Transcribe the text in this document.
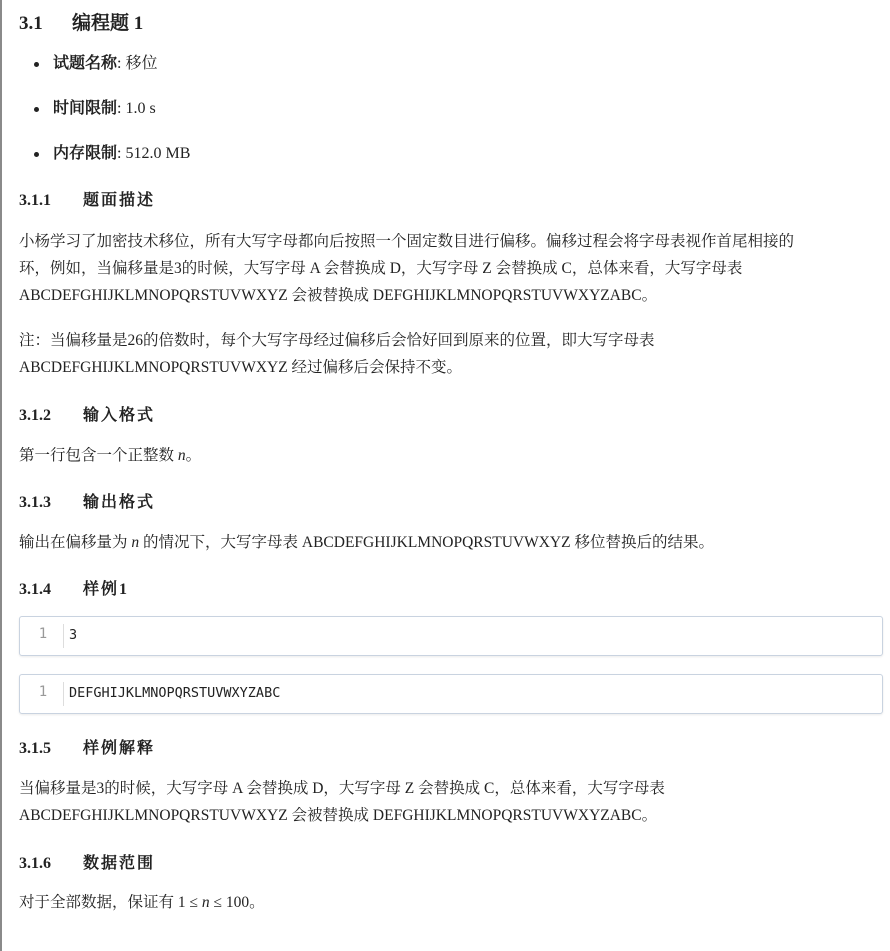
3.1 编程题 1
试题名称: 移位
时间限制: 1.0 s
内存限制: 512.0 MB
3.1.1 题面描述

小杨学习了加密技术移位，所有大写字母都向后按照一个固定数目进行偏移。偏移过程会将字母表视作首尾相接的
环，例如，当偏移量是3的时候，大写字母 A 会替换成 D，大写字母 Z 会替换成 C，总体来看，大写字母表
ABCDEFGHIJKLMNOPQRSTUVWXYZ 会被替换成 DEFGHIJKLMNOPQRSTUVWXYZABC。

注：当偏移量是26的倍数时，每个大写字母经过偏移后会恰好回到原来的位置，即大写字母表
ABCDEFGHIJKLMNOPQRSTUVWXYZ 经过偏移后会保持不变。

3.1.2 输入格式

第一行包含一个正整数 n。

3.1.3 输出格式

输出在偏移量为 n 的情况下，大写字母表 ABCDEFGHIJKLMNOPQRSTUVWXYZ 移位替换后的结果。

3.1.4 样例1
1	3
1	DEFGHIJKLMNOPQRSTUVWXYZABC
3.1.5 样例解释

当偏移量是3的时候，大写字母 A 会替换成 D，大写字母 Z 会替换成 C，总体来看，大写字母表
ABCDEFGHIJKLMNOPQRSTUVWXYZ 会被替换成 DEFGHIJKLMNOPQRSTUVWXYZABC。

3.1.6 数据范围

对于全部数据，保证有 1 ≤ n ≤ 100。
